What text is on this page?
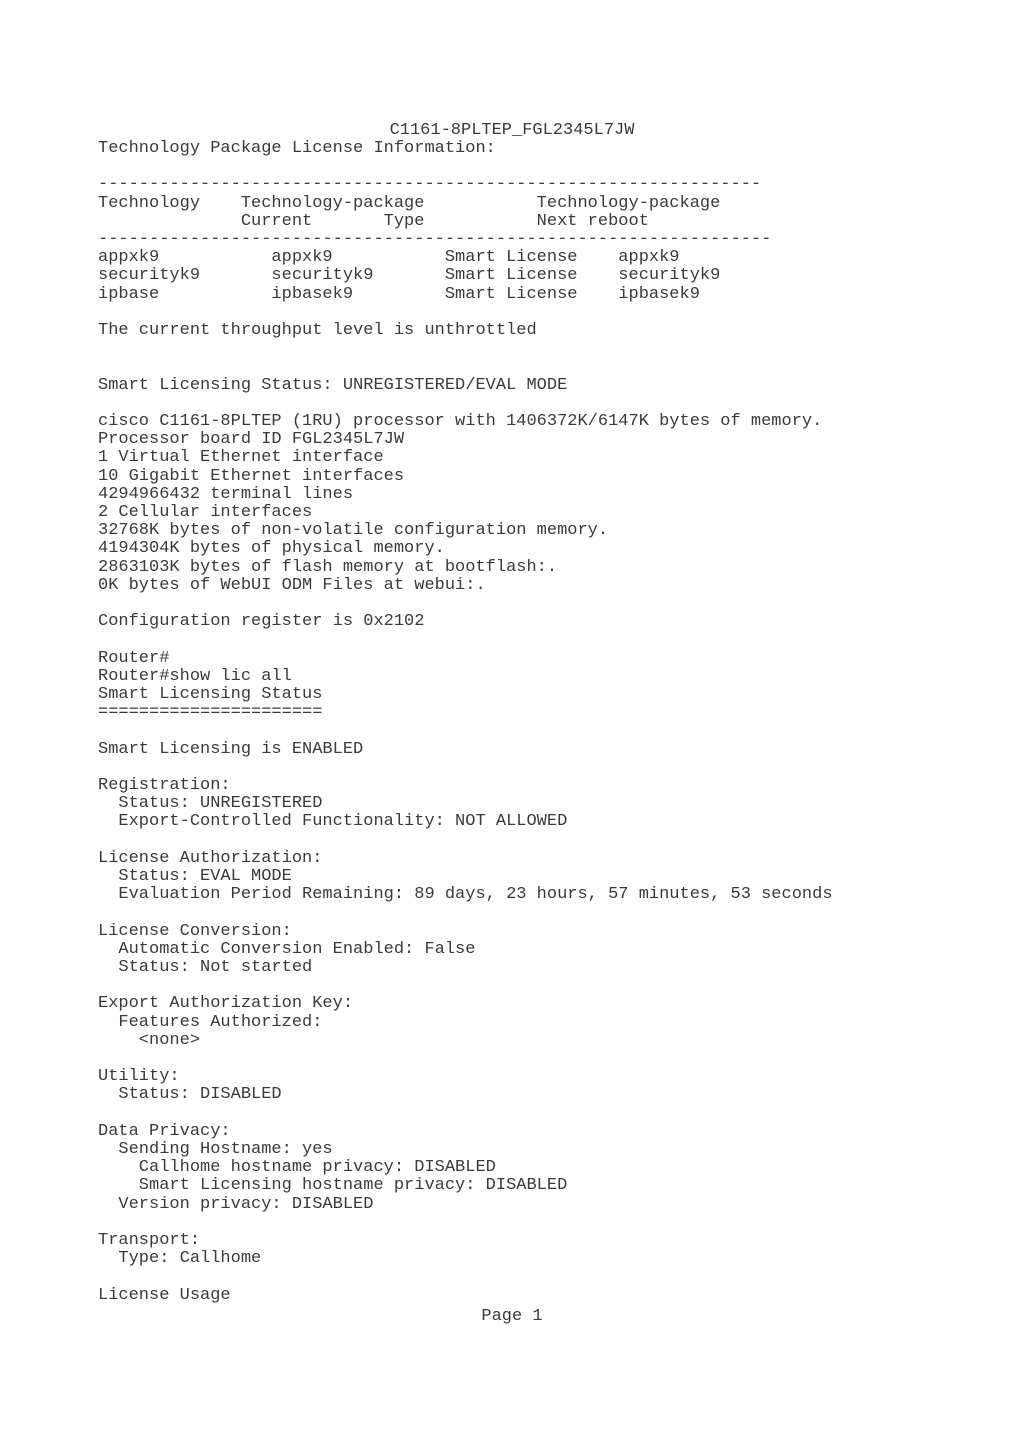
C1161-8PLTEP_FGL2345L7JW
Technology Package License Information:
-----------------------------------------------------------------
Technology    Technology-package           Technology-package
Current       Type           Next reboot
------------------------------------------------------------------
appxk9           appxk9           Smart License    appxk9
securityk9       securityk9       Smart License    securityk9
ipbase           ipbasek9         Smart License    ipbasek9
The current throughput level is unthrottled
Smart Licensing Status: UNREGISTERED/EVAL MODE
cisco C1161-8PLTEP (1RU) processor with 1406372K/6147K bytes of memory.
Processor board ID FGL2345L7JW
1 Virtual Ethernet interface
10 Gigabit Ethernet interfaces
4294966432 terminal lines
2 Cellular interfaces
32768K bytes of non-volatile configuration memory.
4194304K bytes of physical memory.
2863103K bytes of flash memory at bootflash:.
0K bytes of WebUI ODM Files at webui:.
Configuration register is 0x2102
Router#
Router#show lic all
Smart Licensing Status
======================
Smart Licensing is ENABLED
Registration:
Status: UNREGISTERED
Export-Controlled Functionality: NOT ALLOWED
License Authorization:
Status: EVAL MODE
Evaluation Period Remaining: 89 days, 23 hours, 57 minutes, 53 seconds
License Conversion:
Automatic Conversion Enabled: False
Status: Not started
Export Authorization Key:
Features Authorized:
<none>
Utility:
Status: DISABLED
Data Privacy:
Sending Hostname: yes
Callhome hostname privacy: DISABLED
Smart Licensing hostname privacy: DISABLED
Version privacy: DISABLED
Transport:
Type: Callhome
License Usage
Page 1
